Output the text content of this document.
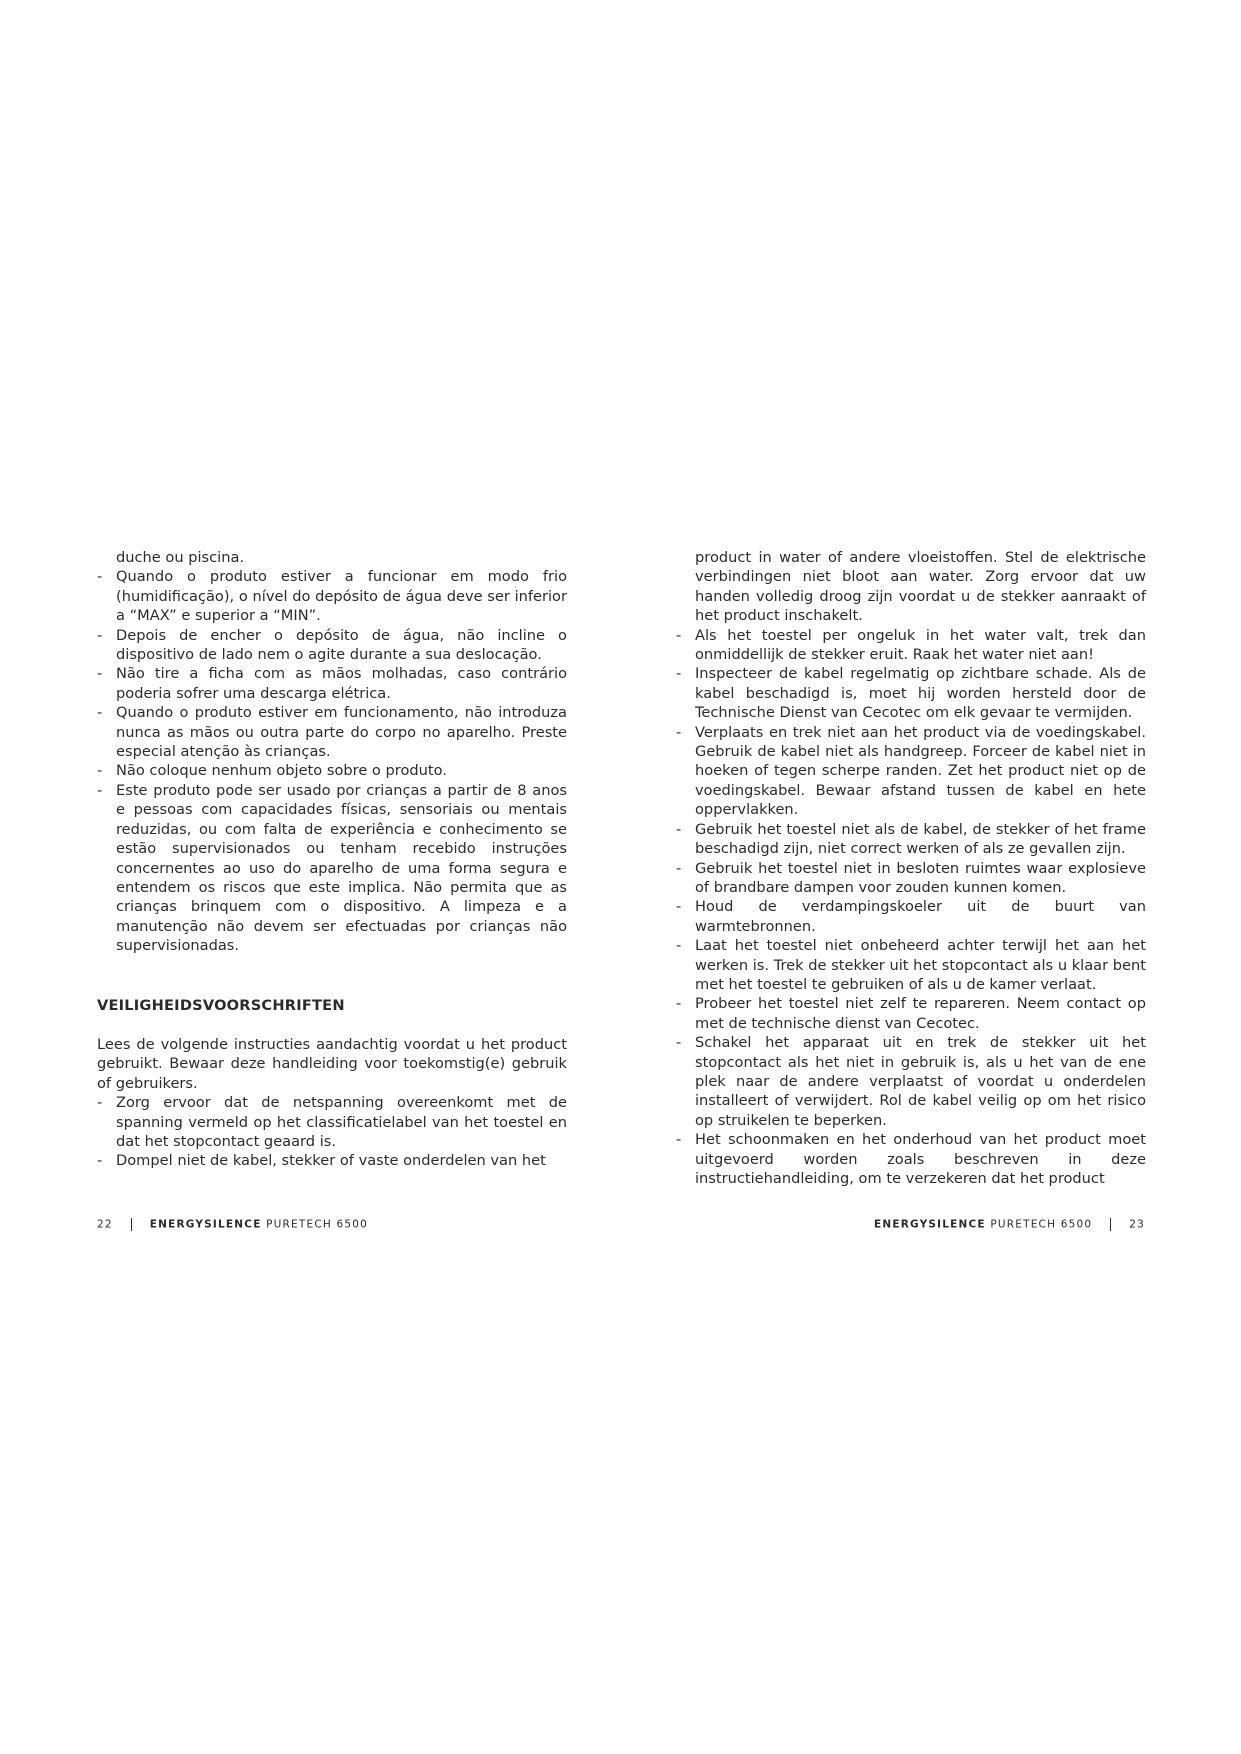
duche ou piscina.
- Quando o produto estiver a funcionar em modo frio (humidificação), o nível do depósito de água deve ser inferior a “MAX” e superior a “MIN”.
- Depois de encher o depósito de água, não incline o dispositivo de lado nem o agite durante a sua deslocação.
- Não tire a ficha com as mãos molhadas, caso contrário poderia sofrer uma descarga elétrica.
- Quando o produto estiver em funcionamento, não introduza nunca as mãos ou outra parte do corpo no aparelho. Preste especial atenção às crianças.
- Não coloque nenhum objeto sobre o produto.
- Este produto pode ser usado por crianças a partir de 8 anos e pessoas com capacidades físicas, sensoriais ou mentais reduzidas, ou com falta de experiência e conhecimento se estão supervisionados ou tenham recebido instruções concernentes ao uso do aparelho de uma forma segura e entendem os riscos que este implica. Não permita que as crianças brinquem com o dispositivo. A limpeza e a manutenção não devem ser efectuadas por crianças não supervisionadas.
VEILIGHEIDSVOORSCHRIFTEN
Lees de volgende instructies aandachtig voordat u het product gebruikt. Bewaar deze handleiding voor toekomstig(e) gebruik of gebruikers.
- Zorg ervoor dat de netspanning overeenkomt met de spanning vermeld op het classificatielabel van het toestel en dat het stopcontact geaard is.
- Dompel niet de kabel, stekker of vaste onderdelen van het
product in water of andere vloeistoffen. Stel de elektrische verbindingen niet bloot aan water. Zorg ervoor dat uw handen volledig droog zijn voordat u de stekker aanraakt of het product inschakelt.
- Als het toestel per ongeluk in het water valt, trek dan onmiddellijk de stekker eruit. Raak het water niet aan!
- Inspecteer de kabel regelmatig op zichtbare schade. Als de kabel beschadigd is, moet hij worden hersteld door de Technische Dienst van Cecotec om elk gevaar te vermijden.
- Verplaats en trek niet aan het product via de voedingskabel. Gebruik de kabel niet als handgreep. Forceer de kabel niet in hoeken of tegen scherpe randen. Zet het product niet op de voedingskabel. Bewaar afstand tussen de kabel en hete oppervlakken.
- Gebruik het toestel niet als de kabel, de stekker of het frame beschadigd zijn, niet correct werken of als ze gevallen zijn.
- Gebruik het toestel niet in besloten ruimtes waar explosieve of brandbare dampen voor zouden kunnen komen.
- Houd de verdampingskoeler uit de buurt van warmtebronnen.
- Laat het toestel niet onbeheerd achter terwijl het aan het werken is. Trek de stekker uit het stopcontact als u klaar bent met het toestel te gebruiken of als u de kamer verlaat.
- Probeer het toestel niet zelf te repareren. Neem contact op met de technische dienst van Cecotec.
- Schakel het apparaat uit en trek de stekker uit het stopcontact als het niet in gebruik is, als u het van de ene plek naar de andere verplaatst of voordat u onderdelen installeert of verwijdert. Rol de kabel veilig op om het risico op struikelen te beperken.
- Het schoonmaken en het onderhoud van het product moet uitgevoerd worden zoals beschreven in deze instructiehandleiding, om te verzekeren dat het product
22	ENERGYSILENCE PURETECH 6500	ENERGYSILENCE PURETECH 6500	23
